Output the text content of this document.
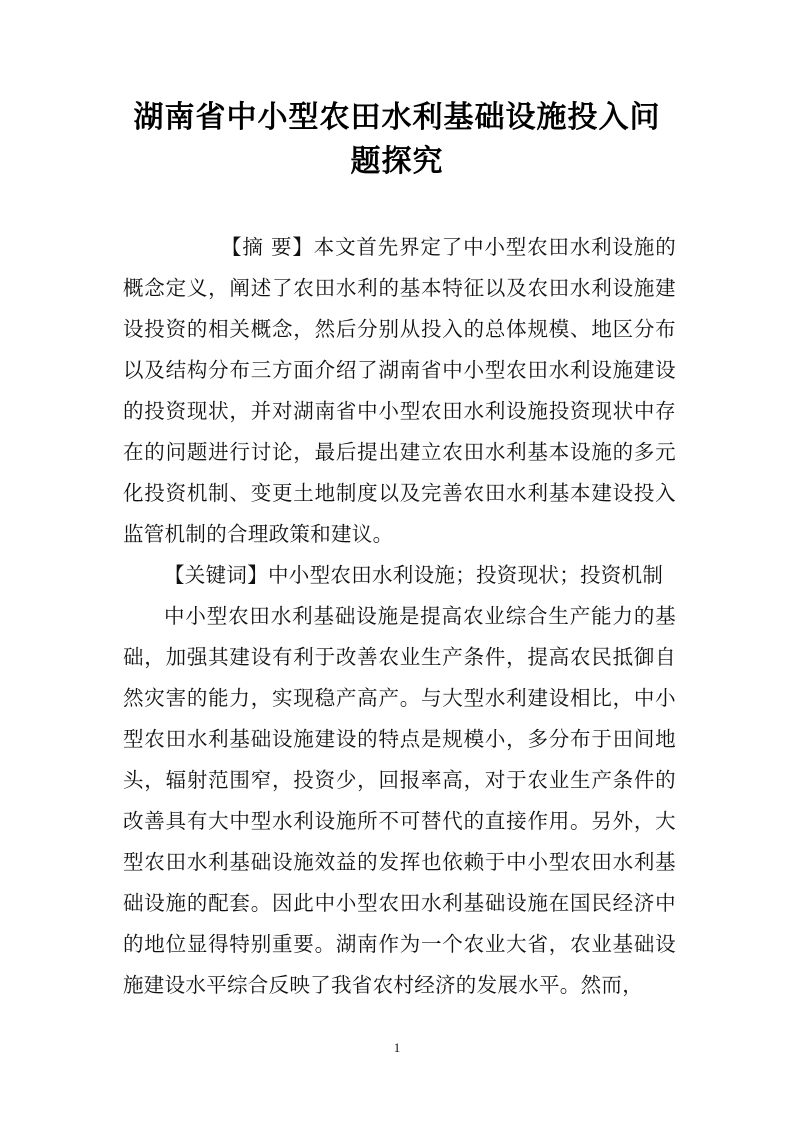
湖南省中小型农田水利基础设施投入问题探究

【摘 要】本文首先界定了中小型农田水利设施的概念定义，阐述了农田水利的基本特征以及农田水利设施建设投资的相关概念，然后分别从投入的总体规模、地区分布以及结构分布三方面介绍了湖南省中小型农田水利设施建设的投资现状，并对湖南省中小型农田水利设施投资现状中存在的问题进行讨论，最后提出建立农田水利基本设施的多元化投资机制、变更土地制度以及完善农田水利基本建设投入监管机制的合理政策和建议。

【关键词】中小型农田水利设施；投资现状；投资机制

中小型农田水利基础设施是提高农业综合生产能力的基础，加强其建设有利于改善农业生产条件，提高农民抵御自然灾害的能力，实现稳产高产。与大型水利建设相比，中小型农田水利基础设施建设的特点是规模小，多分布于田间地头，辐射范围窄，投资少，回报率高，对于农业生产条件的改善具有大中型水利设施所不可替代的直接作用。另外，大型农田水利基础设施效益的发挥也依赖于中小型农田水利基础设施的配套。因此中小型农田水利基础设施在国民经济中的地位显得特别重要。湖南作为一个农业大省，农业基础设施建设水平综合反映了我省农村经济的发展水平。然而，

1
